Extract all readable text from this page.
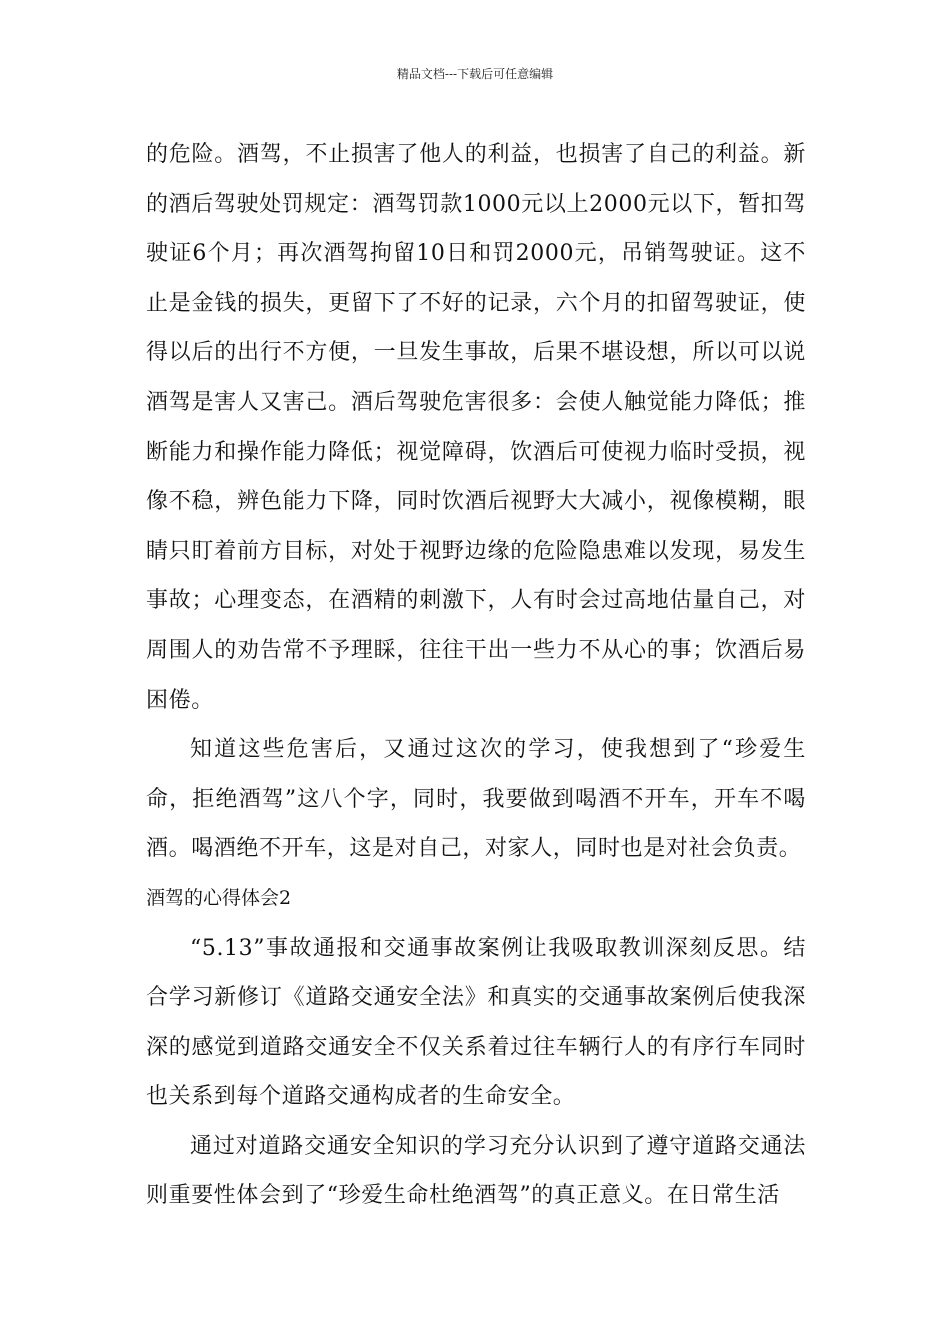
精品文档---下载后可任意编辑

的危险。酒驾，不止损害了他人的利益，也损害了自己的利益。新的酒后驾驶处罚规定：酒驾罚款1000元以上2000元以下，暂扣驾驶证6个月；再次酒驾拘留10日和罚2000元，吊销驾驶证。这不止是金钱的损失，更留下了不好的记录，六个月的扣留驾驶证，使得以后的出行不方便，一旦发生事故，后果不堪设想，所以可以说酒驾是害人又害己。酒后驾驶危害很多：会使人触觉能力降低；推断能力和操作能力降低；视觉障碍，饮酒后可使视力临时受损，视像不稳，辨色能力下降，同时饮酒后视野大大减小，视像模糊，眼睛只盯着前方目标，对处于视野边缘的危险隐患难以发现，易发生事故；心理变态，在酒精的刺激下，人有时会过高地估量自己，对周围人的劝告常不予理睬，往往干出一些力不从心的事；饮酒后易困倦。

知道这些危害后，又通过这次的学习，使我想到了“珍爱生命，拒绝酒驾”这八个字，同时，我要做到喝酒不开车，开车不喝酒。喝酒绝不开车，这是对自己，对家人，同时也是对社会负责。

酒驾的心得体会2

“5.13”事故通报和交通事故案例让我吸取教训深刻反思。结合学习新修订《道路交通安全法》和真实的交通事故案例后使我深深的感觉到道路交通安全不仅关系着过往车辆行人的有序行车同时也关系到每个道路交通构成者的生命安全。

通过对道路交通安全知识的学习充分认识到了遵守道路交通法则重要性体会到了“珍爱生命杜绝酒驾”的真正意义。在日常生活
